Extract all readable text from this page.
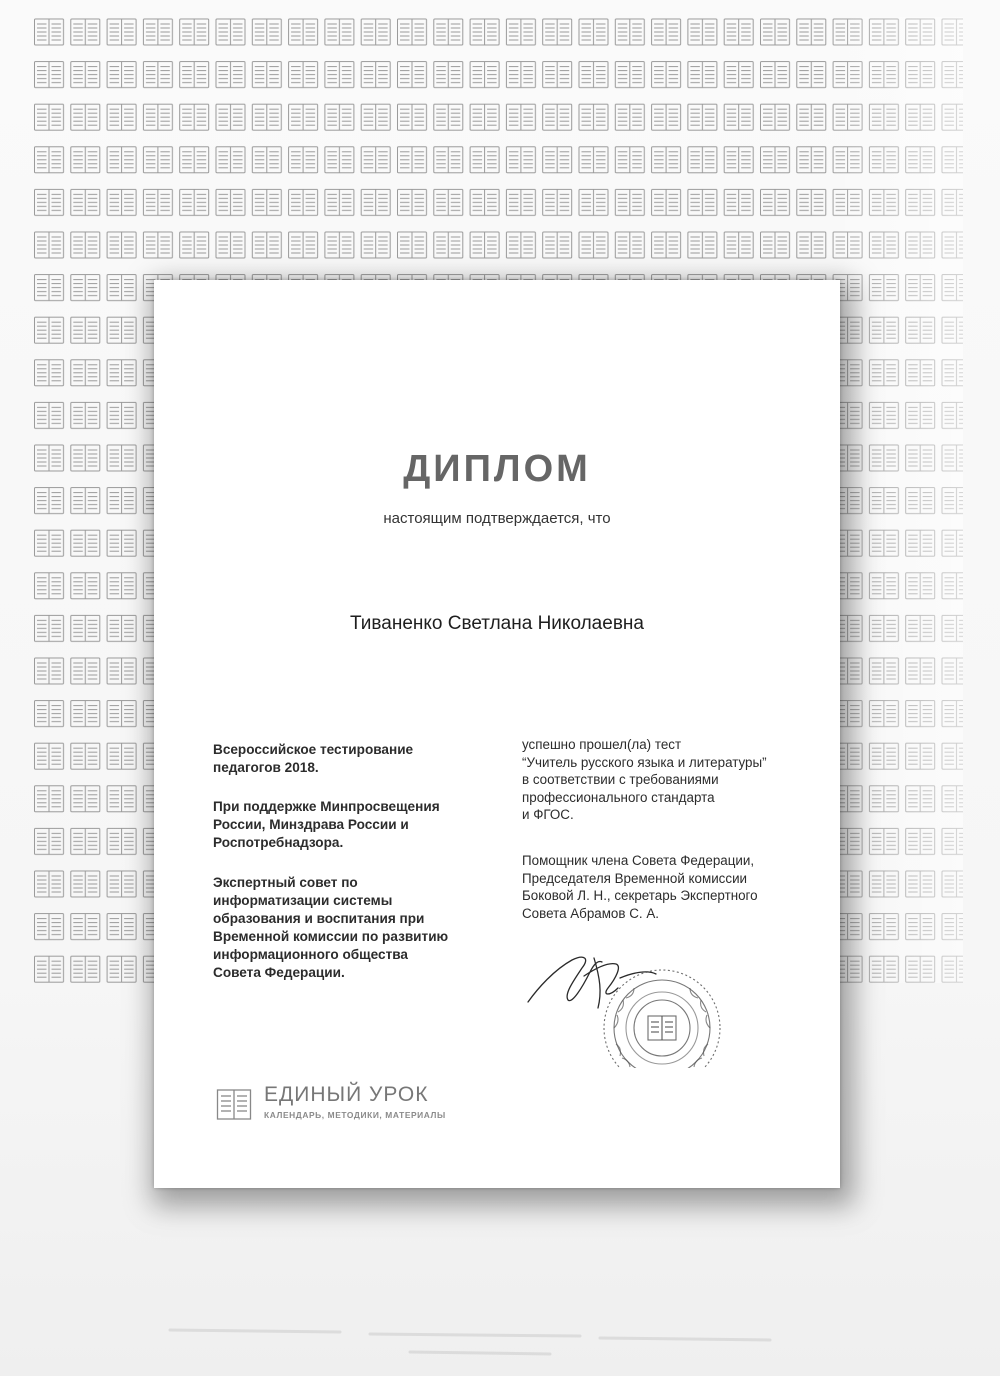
ДИПЛОМ
настоящим подтверждается, что
Тиваненко Светлана Николаевна
Всероссийское тестирование
педагогов 2018.
При поддержке Минпросвещения
России, Минздрава России и
Роспотребнадзора.
Экспертный совет по
информатизации системы
образования и воспитания при
Временной комиссии по развитию
информационного общества
Совета Федерации.
успешно прошел(ла) тест
“Учитель русского языка и литературы”
в соответствии с требованиями
профессионального стандарта
и ФГОС.
Помощник члена Совета Федерации,
Председателя Временной комиссии
Боковой Л. Н., секретарь Экспертного
Совета Абрамов С. А.
ЕДИНЫЙ УРОК
КАЛЕНДАРЬ, МЕТОДИКИ, МАТЕРИАЛЫ
